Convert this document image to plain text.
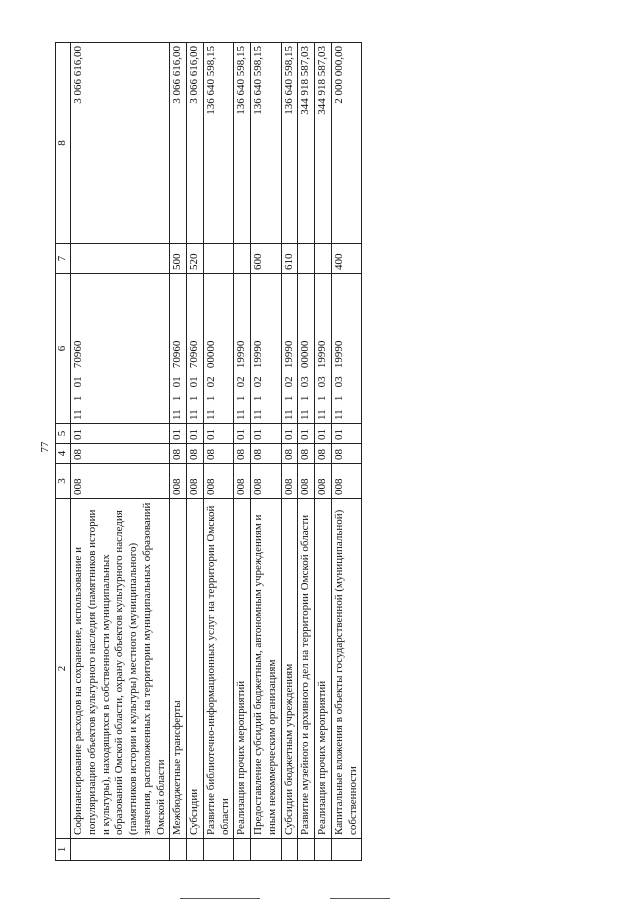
77
1	2	3	4	5	6	7	8
	Софинансирование расходов на сохранение, использование и популяризацию объектов культурного наследия (памятников истории и культуры), находящихся в собственности муниципальных образований Омской области, охрану объектов культурного наследия (памятников истории и культуры) местного (муниципального) значения, расположенных на территории муниципальных образований Омской области	008	08	01	11   1   01   70960		3 066 616,00
	Межбюджетные трансферты	008	08	01	11   1   01   70960	500	3 066 616,00
	Субсидии	008	08	01	11   1   01   70960	520	3 066 616,00
	Развитие библиотечно-информационных услуг на территории Омской области	008	08	01	11   1   02   00000		136 640 598,15
	Реализация прочих мероприятий	008	08	01	11   1   02   19990		136 640 598,15
	Предоставление субсидий бюджетным, автономным учреждениям и иным некоммерческим организациям	008	08	01	11   1   02   19990	600	136 640 598,15
	Субсидии бюджетным учреждениям	008	08	01	11   1   02   19990	610	136 640 598,15
	Развитие музейного и архивного дел на территории Омской области	008	08	01	11   1   03   00000		344 918 587,03
	Реализация прочих мероприятий	008	08	01	11   1   03   19990		344 918 587,03
	Капитальные вложения в объекты государственной (муниципальной) собственности	008	08	01	11   1   03   19990	400	2 000 000,00
